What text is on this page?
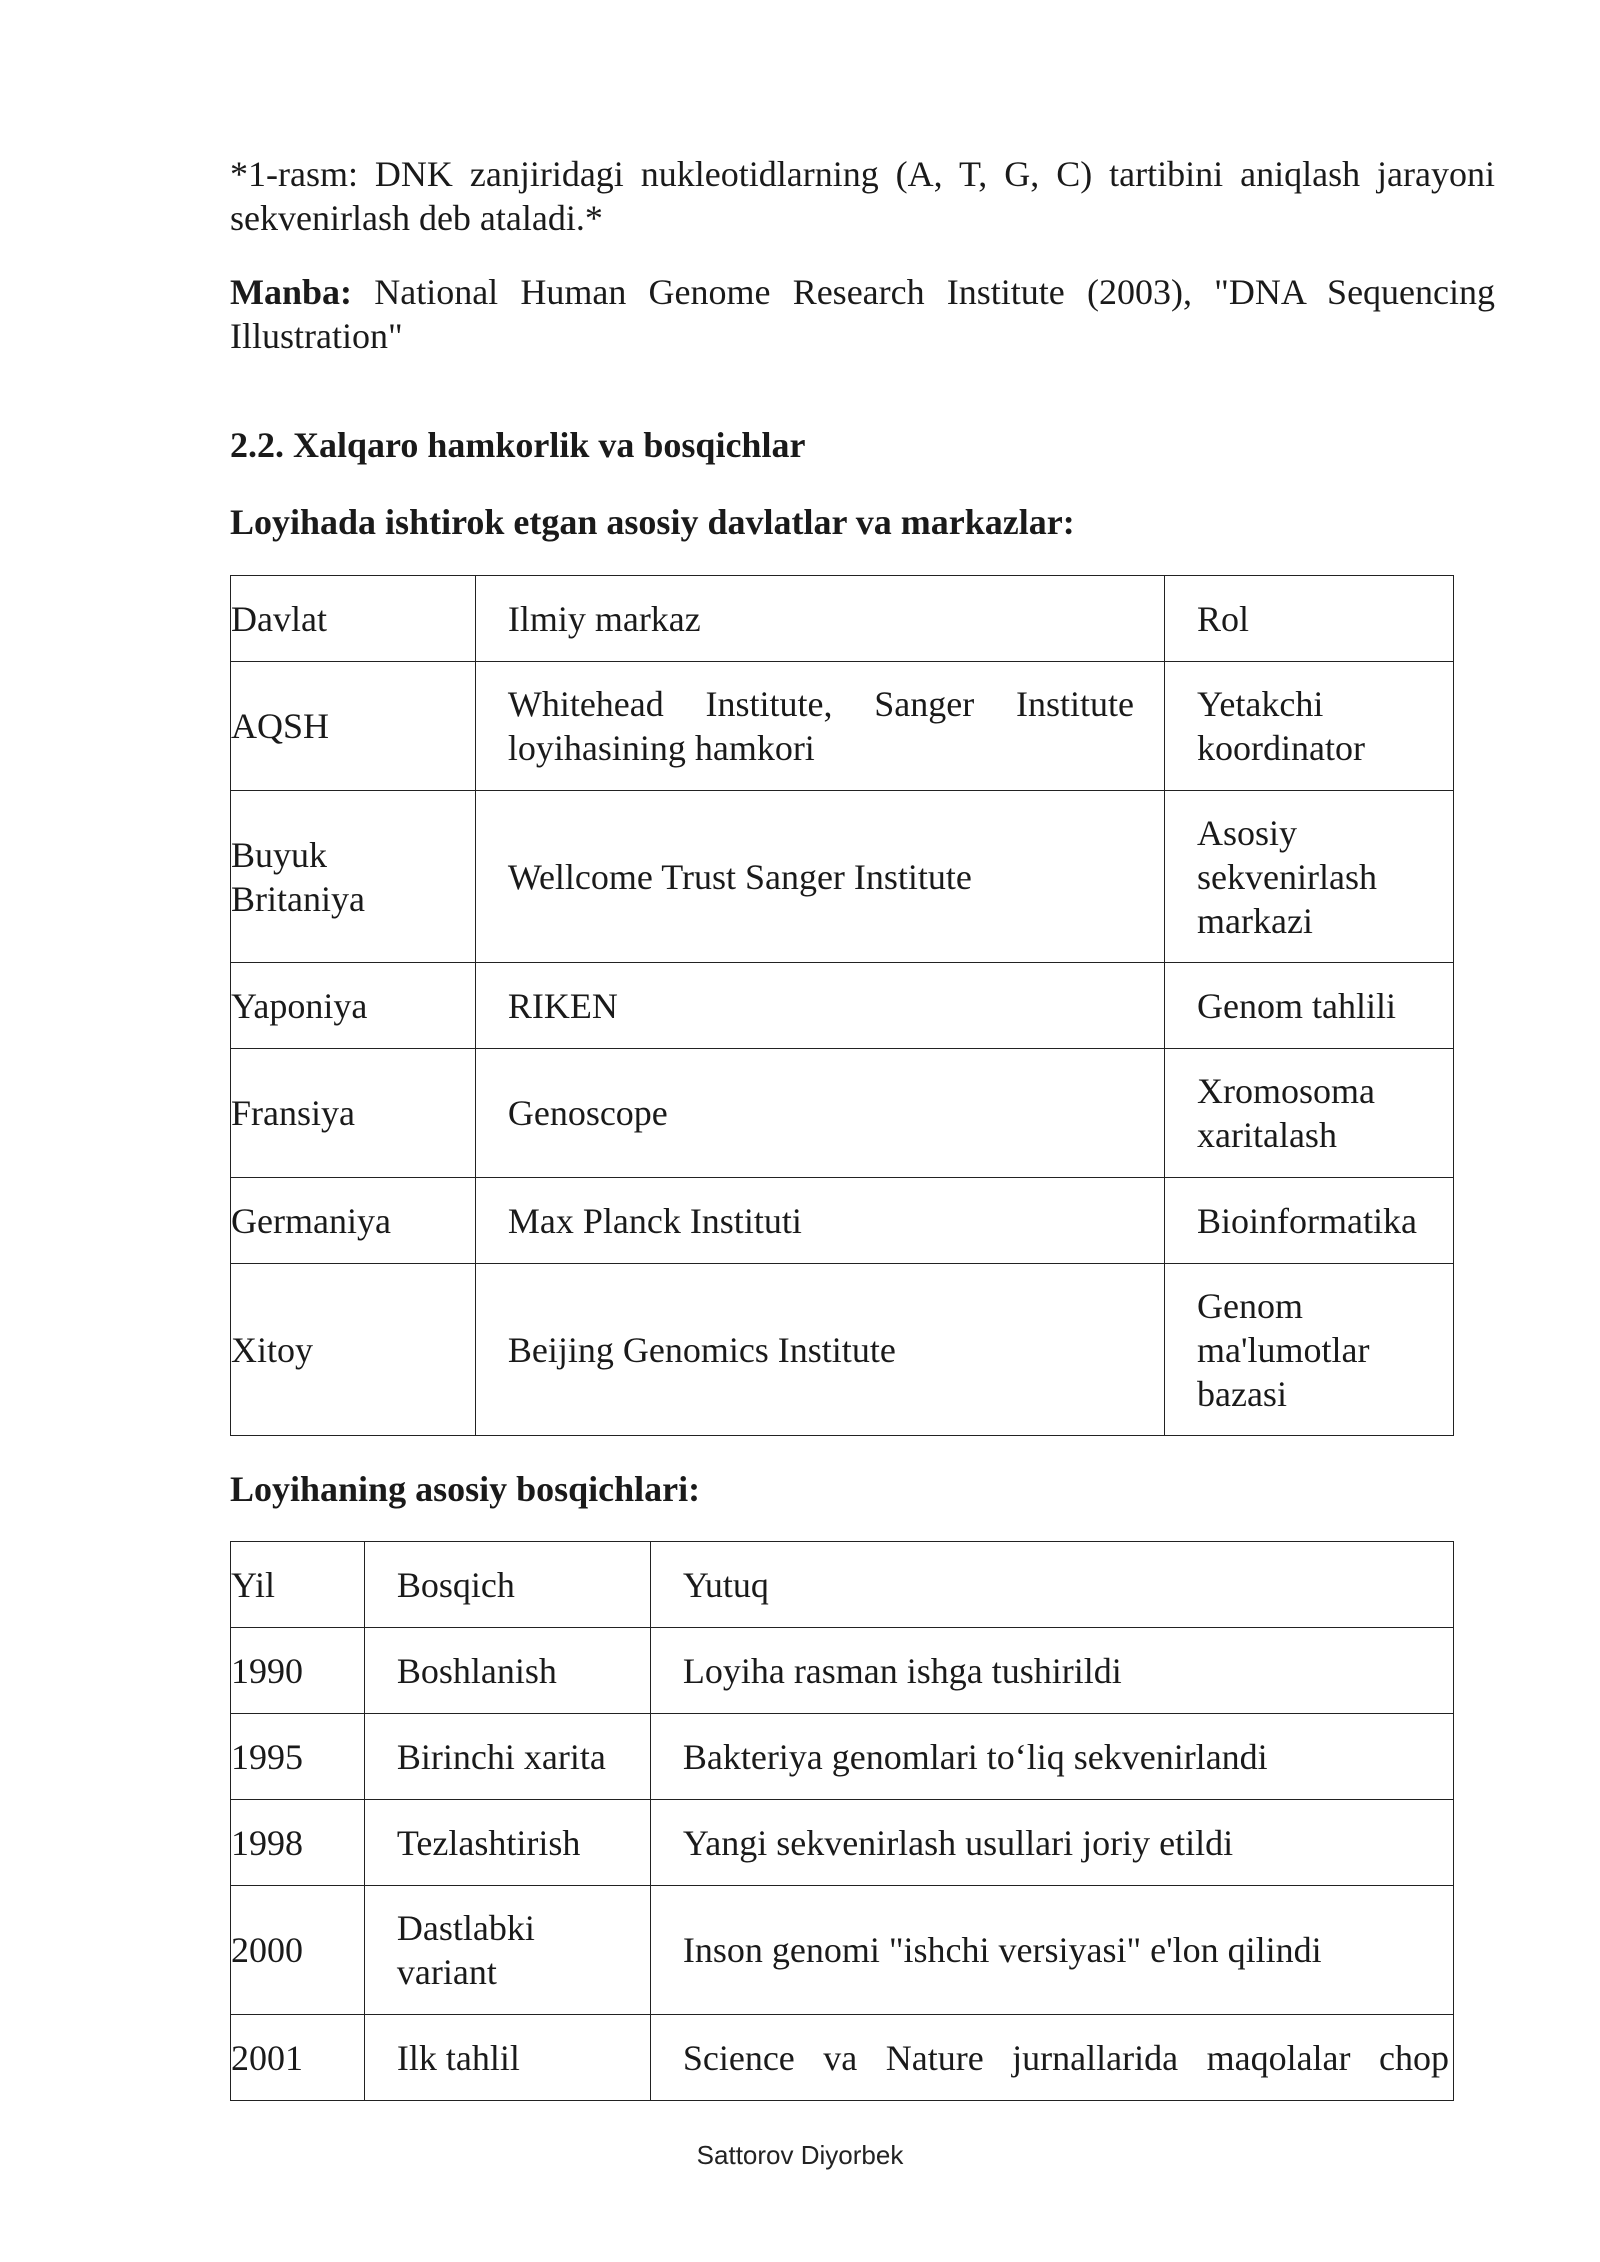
*1-rasm: DNK zanjiridagi nukleotidlarning (A, T, G, C) tartibini aniqlash jarayoni sekvenirlash deb ataladi.*

Manba: National Human Genome Research Institute (2003), "DNA Sequencing Illustration"

2.2. Xalqaro hamkorlik va bosqichlar
Loyihada ishtirok etgan asosiy davlatlar va markazlar:
Davlat	Ilmiy markaz	Rol

AQSH	Whitehead Institute, Sanger Institute loyihasining hamkori	Yetakchi koordinator

Buyuk Britaniya	Wellcome Trust Sanger Institute	Asosiy sekvenirlash markazi

Yaponiya	RIKEN	Genom tahlili

Fransiya	Genoscope	Xromosoma xaritalash

Germaniya	Max Planck Instituti	Bioinformatika

Xitoy	Beijing Genomics Institute	Genom ma'lumotlar bazasi
Loyihaning asosiy bosqichlari:
Yil	Bosqich	Yutuq

1990	Boshlanish	Loyiha rasman ishga tushirildi

1995	Birinchi xarita	Bakteriya genomlari to‘liq sekvenirlandi

1998	Tezlashtirish	Yangi sekvenirlash usullari joriy etildi

2000	Dastlabki variant	Inson genomi "ishchi versiyasi" e'lon qilindi

2001	Ilk tahlil	Science va Nature jurnallarida maqolalar chop
Sattorov Diyorbek
